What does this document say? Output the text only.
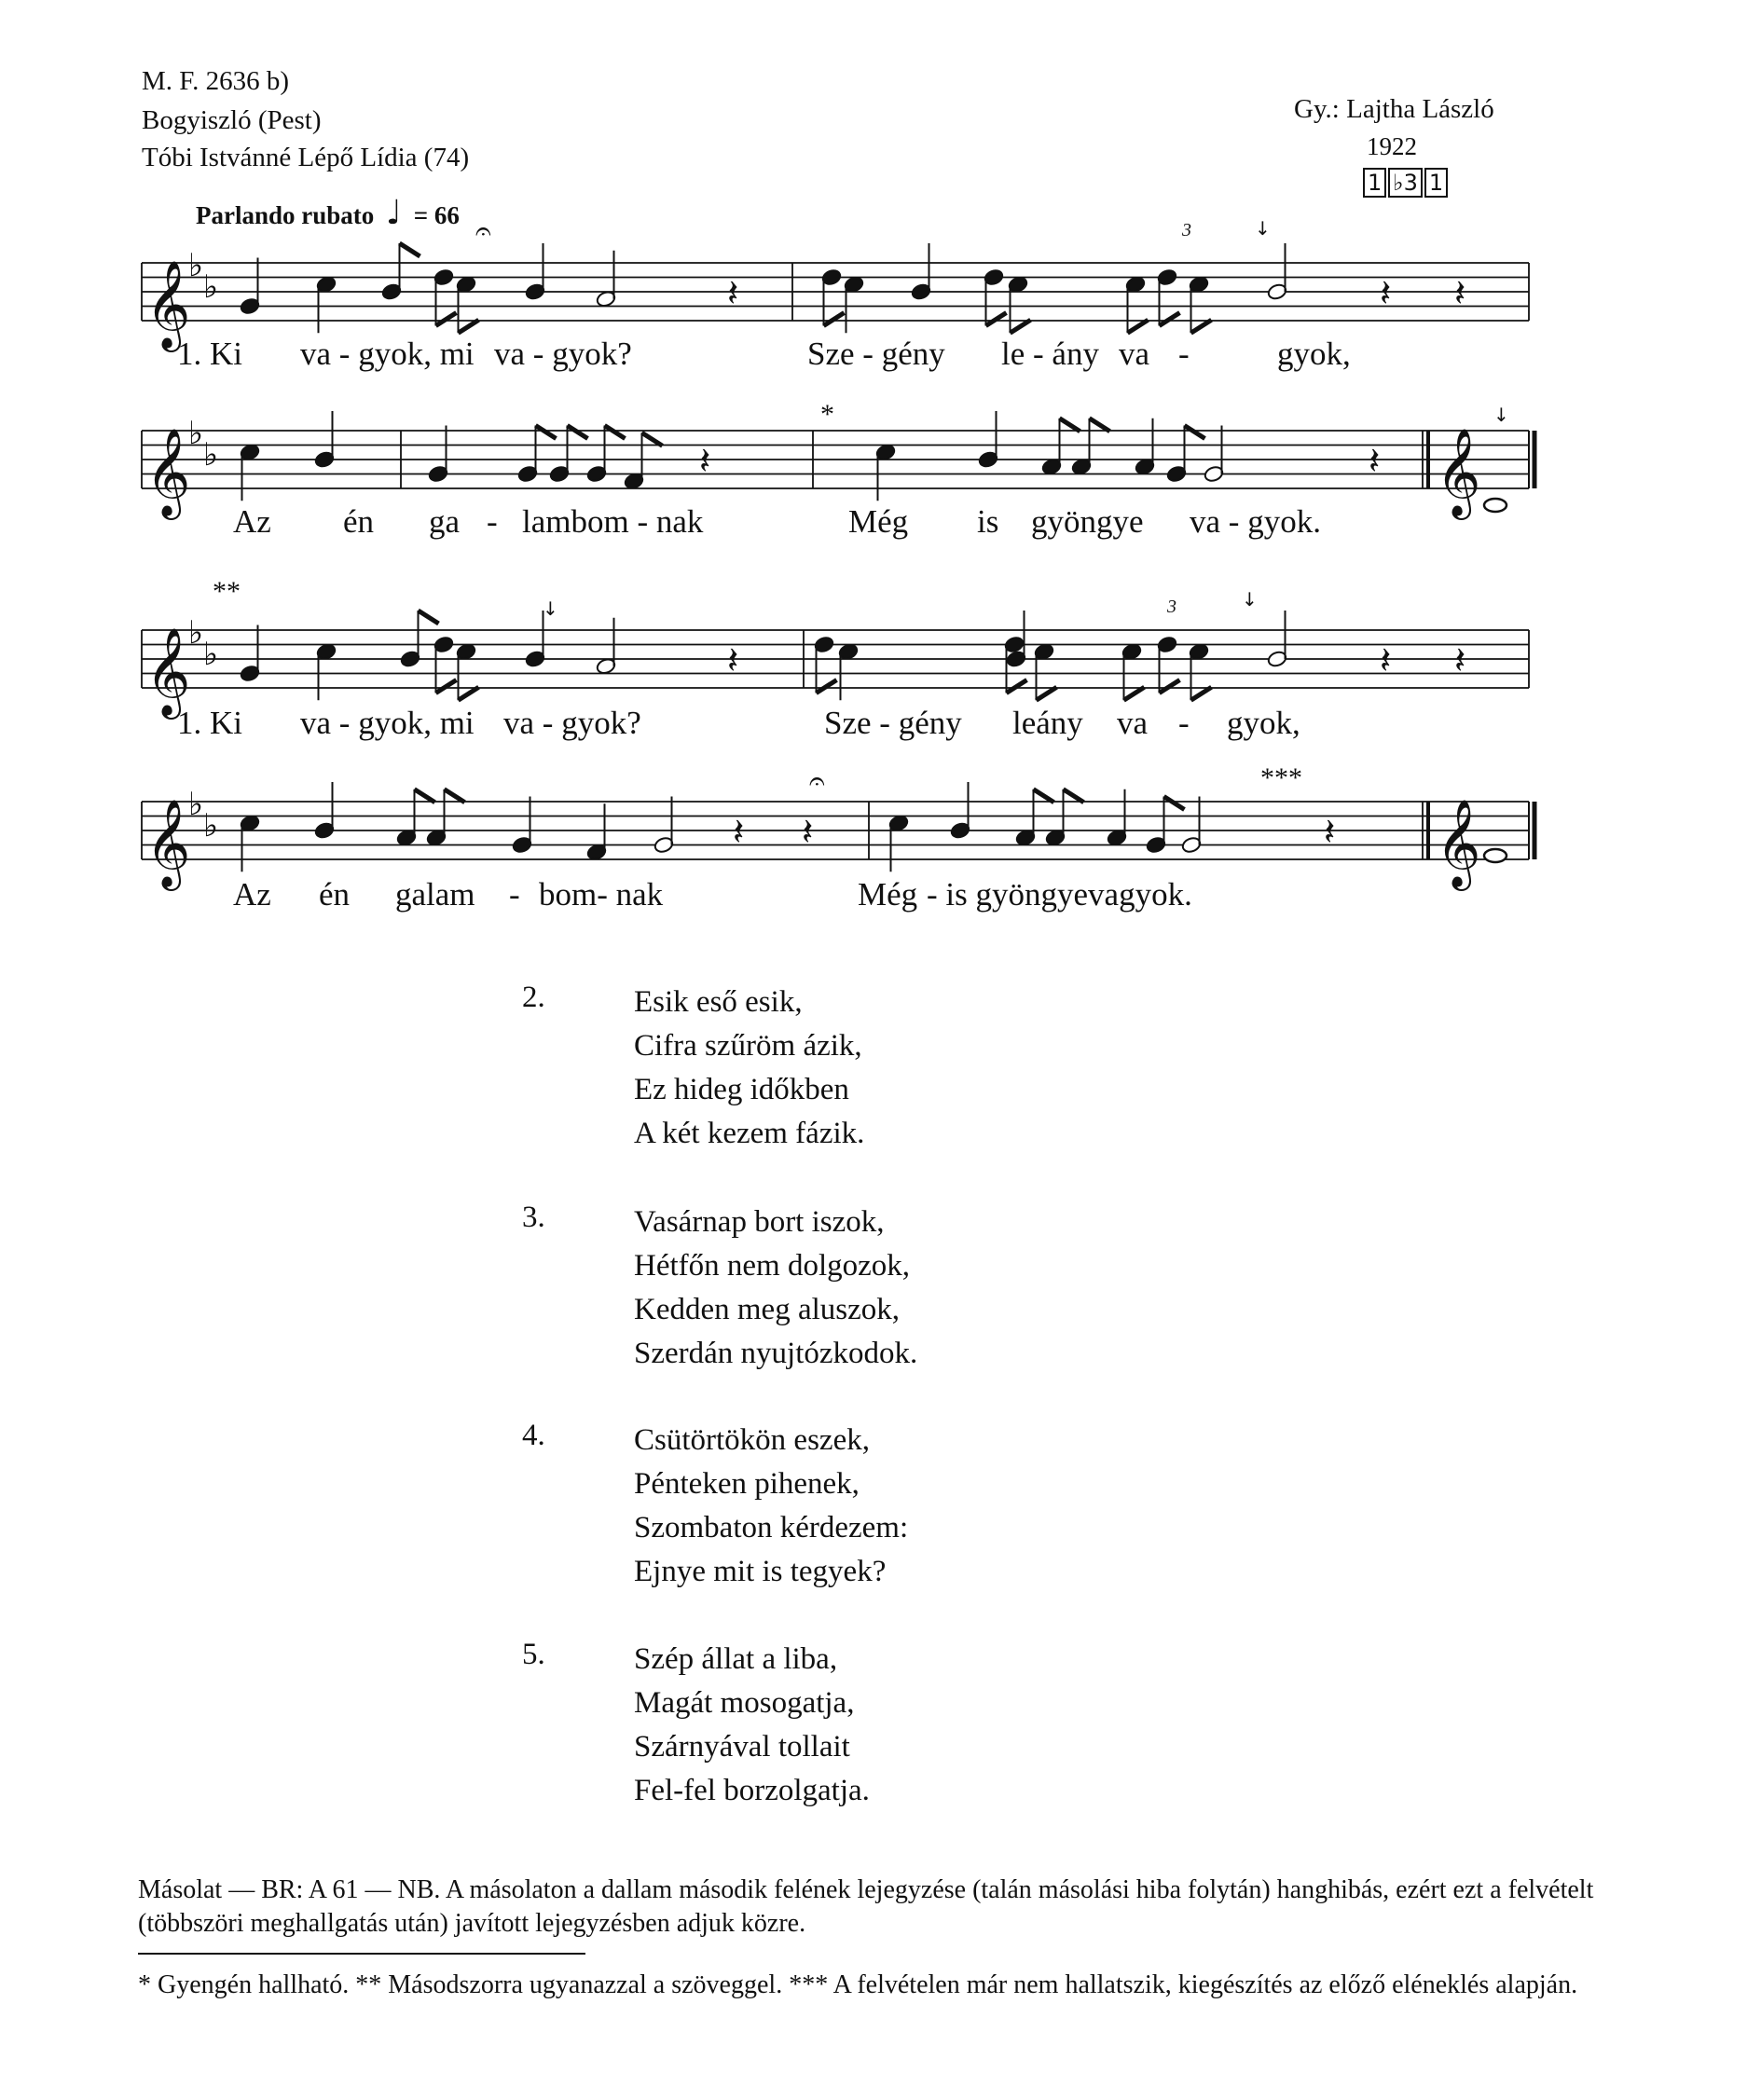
M. F. 2636 b)
Bogyiszló (Pest)
Tóbi Istvánné Lépő Lídia (74)
Gy.: Lajtha László
1922
1 ♭3 1
Parlando rubato ♩ = 66
𝄞
♭
♭	𝄽	𝄽 𝄽
𝄞
♭
♭	𝄽	𝄽 𝄞
𝄞
♭
♭	𝄽	𝄽 𝄽
𝄞
♭
♭	𝄽 𝄽	𝄽 𝄞
𝄐
𝄐
↓
↓
↓	↓
*
**
***
3
3
1. Ki va - gyok, mi va - gyok?	Sze - gény le - ány va -	gyok,
Az én ga - lambom - nak	Még is gyöngye va - gyok.
1. Ki va - gyok, mi va - gyok?	Sze - gény leány va - gyok,
Az én galam - bom- nak	Még - is gyöngyevagyok.
2.	Esik eső esik,
Cifra szűröm ázik,
Ez hideg időkben
A két kezem fázik.
3.	Vasárnap bort iszok,
Hétfőn nem dolgozok,
Kedden meg aluszok,
Szerdán nyujtózkodok.
4.	Csütörtökön eszek,
Pénteken pihenek,
Szombaton kérdezem:
Ejnye mit is tegyek?
5.	Szép állat a liba,
Magát mosogatja,
Szárnyával tollait
Fel-fel borzolgatja.
Másolat — BR: A 61 — NB. A másolaton a dallam második felének lejegyzése (talán másolási hiba folytán) hanghibás, ezért ezt a felvételt (többszöri meghallgatás után) javított lejegyzésben adjuk közre.
* Gyengén hallható. ** Másodszorra ugyanazzal a szöveggel. *** A felvételen már nem hallatszik, kiegészítés az előző eléneklés alapján.
